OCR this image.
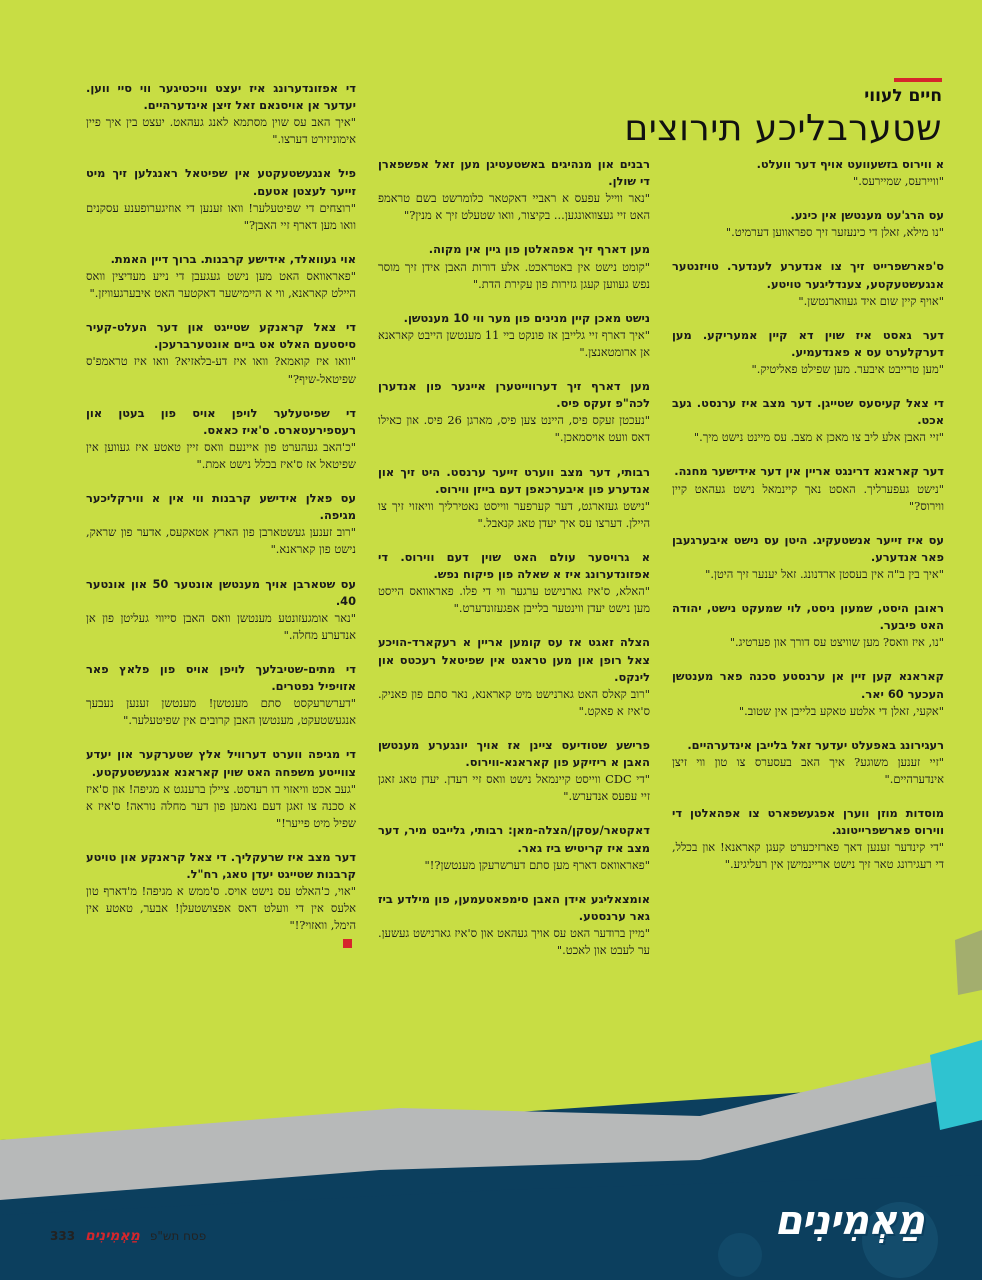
חיים לעווי
שטערבליכע תירוצים
א ווירוס בזשעוועט אויף דער וועלט.
"וויירעס, שמיירעס."
עס הרג'עט מענטשן אין כינע.
"נו מילא, זאלן די כינעזער זיך ספראווען דערמיט."
ס'פארשפרייט זיך צו אנדערע לענדער. טויזנטער אנגעשטעקטע, צענדליגער טויטע.
"אויף קיין שום איד געווארנטשן."
דער גאסט איז שוין דא קיין אמעריקע. מען דערקלערט עס א פאנדעמיע.
"מען טרייבט איבער. מען שפילט פאליטיק."
די צאל קעיסעס שטייגן. דער מצב איז ערנסט. געב אכט.
"זיי האבן אלע ליב צו מאכן א מצב. עס מיינט נישט מיך."
דער קאראנא דרינגט אריין אין דער אידישער מחנה.
"נישט געפערליך. האסט נאך קיינמאל נישט געהאט קיין ווירוס?"
עס איז זייער אנשטעקיג. היטן עס נישט איבערגעבן פאר אנדערע.
"איך בין ב"ה אין בעסטן ארדנונג. זאל יענער זיך היטן."
ראובן היסט, שמעון ניסט, לוי שמעקט נישט, יהודה האט פיבער.
"נו, איז וואס? מען שוויצט עס דורך און פערטיג."
קאראנא קען זיין אן ערנסטע סכנה פאר מענטשן העכער 60 יאר.
"אקעי, זאלן די אלטע טאקע בלייבן אין שטוב."
רעגירונג באפעלט יעדער זאל בלייבן אינדערהיים.
"זיי זענען משוגע? איך האב בעסערס צו טון ווי זיצן אינדערהיים."
מוסדות מוזן ווערן אפגעשפארט צו אפהאלטן די ווירוס פארשפרייטונג.
"די קינדער זענען דאך פארזיכערט קעגן קאראנא! און בכלל, די רעגירונג טאר זיך נישט אריינמישן אין רעליגיע."
רבנים און מנהיגים באשטעטיגן מען זאל אפשפארן די שולן.
"נאר ווייל עפעס א ראביי דאקטאר כלומרשט בשם טראמפ האט זיי געצוואונגען... בקיצור, וואו שטעלט זיך א מנין?"
מען דארף זיך אפהאלטן פון גיין אין מקוה.
"קומט נישט אין באטראכט. אלע דורות האבן אידן זיך מוסר נפש געווען קעגן גזירות פון עקירת הדת."
נישט מאכן קיין מנינים פון מער ווי 10 מענטשן.
"איך דארף זיי גלייבן אז פונקט ביי 11 מענטשן הייבט קאראנא אן ארומטאנצן."
מען דארף זיך דערווייטערן איינער פון אנדערן לכה"פ זעקס פיס.
"נעכטן זעקס פיס, היינט צען פיס, מארגן 26 פיס. און כאילו דאס וועט אויסמאכן."
רבותי, דער מצב ווערט זייער ערנסט. היט זיך און אנדערע פון איבערכאפן דעם בייזן ווירוס.
"נישט געזארגט, דער קערפער ווייסט נאטירליך וויאזוי זיך צו היילן. דערצו עס איך יעדן טאג קנאבל."
א גרויסער עולם האט שוין דעם ווירוס. די אפזונדערונג איז א שאלה פון פיקוח נפש.
"האלא, ס'איז גארנישט ערגער ווי די פלו. פאראוואס הייסט מען נישט יעדן ווינטער בלייבן אפגעזונדערט."
הצלה זאגט אז עס קומען אריין א רעקארד-הויכע צאל רופן און מען טראגט אין שפיטאל רעכטס און לינקס.
"רוב קאלס האט גארנישט מיט קאראנא, נאר סתם פון פאניק. ס'איז א פאקט."
פרישע שטודיעס ציינן אז אויך יונגערע מענטשן האבן א ריזיקע פון קאראנא-ווירוס.
"די CDC ווייסט קיינמאל נישט וואס זיי רעדן. יעדן טאג זאגן זיי עפעס אנדערש."
דאקטאר/עסקן/הצלה-מאן: רבותי, גלייבט מיר, דער מצב איז קריטיש ביז גאר.
"פאראוואס דארף מען סתם דערשרעקן מענטשן?!"
אומצאליגע אידן האבן סימפאטעמען, פון מילדע ביז גאר ערנסטע.
"מיין ברודער האט עס אויך געהאט און ס'איז גארנישט געשען. ער לעבט און לאכט."
די אפזונדערונג איז יעצט וויכטיגער ווי סיי ווען. יעדער אן אויסנאם זאל זיצן אינדערהיים.
"איך האב עס שוין מסתמא לאנג געהאט. יעצט בין איך פיין אימוניזירט דערצו."
פיל אנגעשטעקטע אין שפיטאל ראנגלען זיך מיט זייער לעצטן אטעם.
"רוצחים די שפיטעלער! וואו זענען די אוזיגערופענע עסקנים וואו מען דארף זיי האבן?"
אוי געוואלד, אידישע קרבנות. ברוך דיין האמת.
"פאראוואס האט מען נישט געגעבן די נייע מעדיצין וואס היילט קאראנא, ווי א היימישער דאקטער האט איבערגעוויזן."
די צאל קראנקע שטייגט און דער העלט-קעיר סיסטעם האלט אט ביים אונטערברעכן.
"וואו איז קואמא? וואו איז דע-בלאזיא? וואו איז טראמפ'ס שפיטאל-שיף?"
די שפיטעלער לויפן אויס פון בעטן און רעספירעטארס. ס'איז כאאס.
"כ'האב געהערט פון איינעם וואס זיין טאטע איז געווען אין שפיטאל אז ס'איז בכלל נישט אמת."
עס פאלן אידישע קרבנות ווי אין א ווירקליכער מגיפה.
"רוב זענען געשטארבן פון הארץ אטאקעס, אדער פון שראק, נישט פון קאראנא."
עס שטארבן אויך מענטשן אונטער 50 און אונטער 40.
"נאר אומגעזונטע מענטשן וואס האבן סייווי געליטן פון אן אנדערע מחלה."
די מתים-שטיבלעך לויפן אויס פון פלאץ פאר אזויפיל נפטרים.
"דערשרעקסט סתם מענטשן! מענטשן זענען נעבעך אנגעשטעקט, מענטשן האבן קרובים אין שפיטעלער."
די מגיפה ווערט דערוויל אלץ שטערקער און יעדע צווייטע משפחה האט שוין קאראנא אנגעשטעקטע.
"געב אכט וויאזוי דו רעדסט. ציילן ברענגט א מגיפה! און ס'איז א סכנה צו זאגן דעם נאמען פון דער מחלה נוראה! ס'איז א שפיל מיט פייער!"
דער מצב איז שרעקליך. די צאל קראנקע און טויטע קרבנות שטייגט יעדן טאג, רח"ל.
"אוי, כ'האלט עס נישט אויס. ס'ממש א מגיפה! מ'דארף טון אלעס אין די וועלט דאס אפצושטעלן! אבער, טאטע אין הימל, וואזוי?!"
333 מַאְמִינִים פסח תש"פ	מַאְמִינִים
